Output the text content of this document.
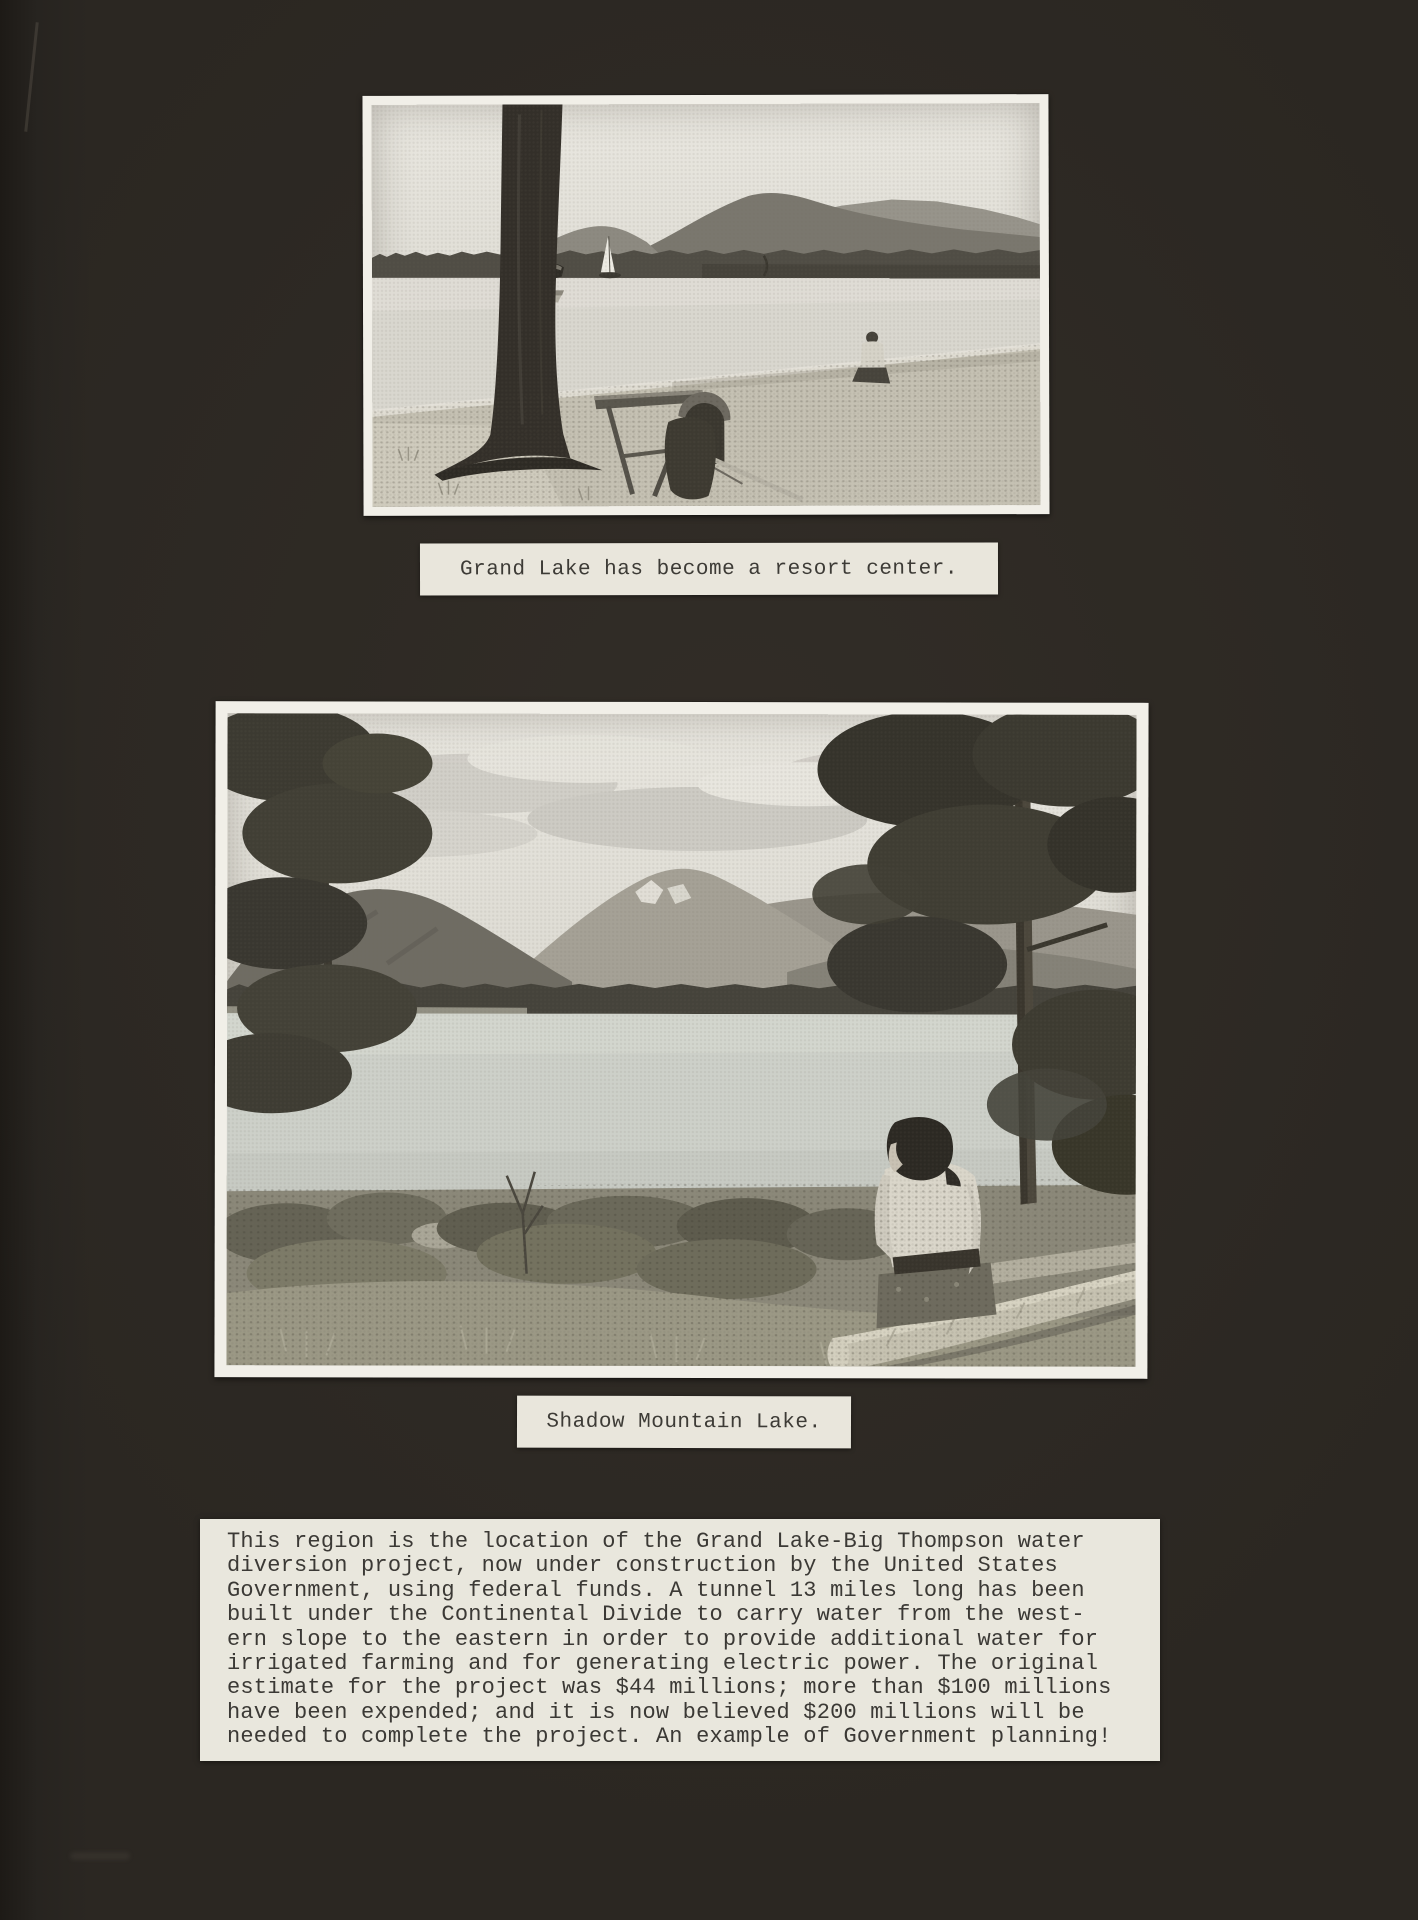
Grand Lake has become a resort center.
Shadow Mountain Lake.
This region is the location of the Grand Lake-Big Thompson water
diversion project, now under construction by the United States
Government, using federal funds. A tunnel 13 miles long has been
built under the Continental Divide to carry water from the west-
ern slope to the eastern in order to provide additional water for
irrigated farming and for generating electric power. The original
estimate for the project was $44 millions; more than $100 millions
have been expended; and it is now believed $200 millions will be
needed to complete the project. An example of Government planning!
